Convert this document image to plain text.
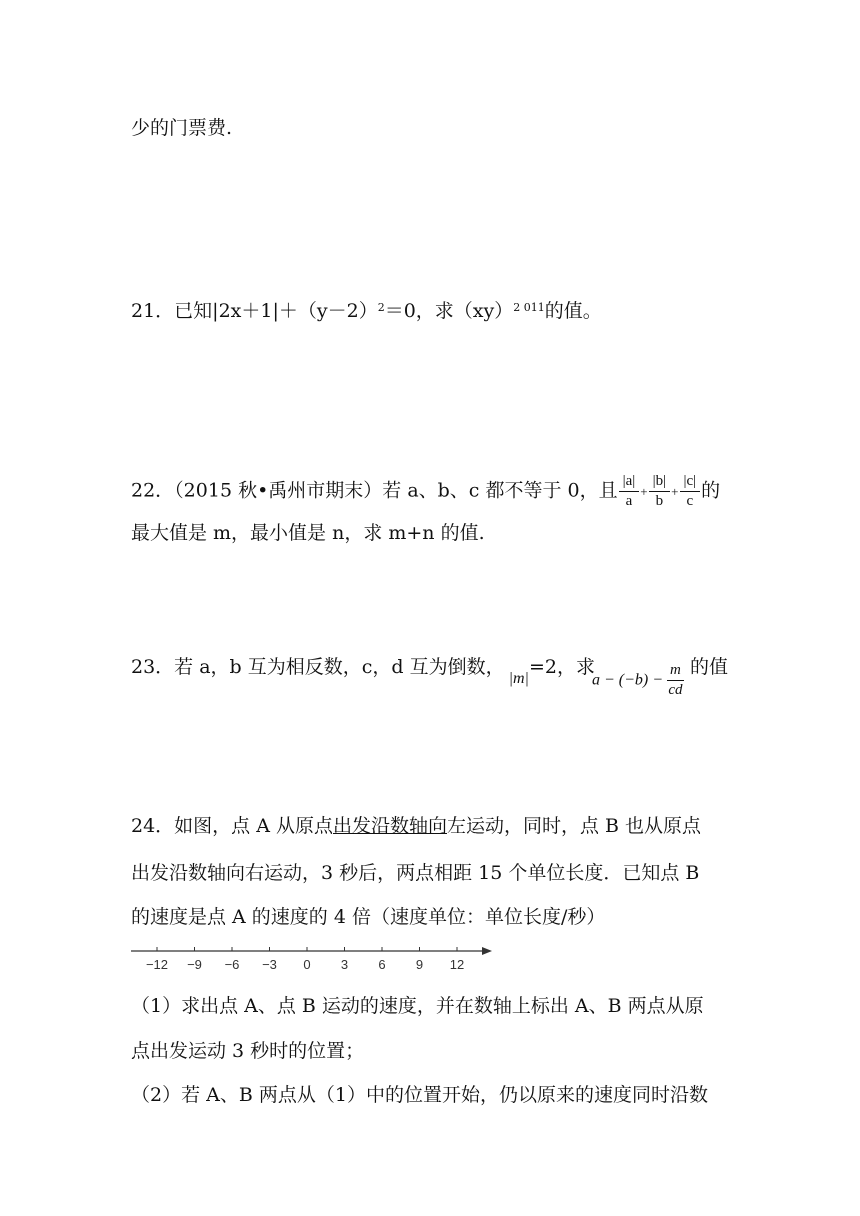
少的门票费.
21．已知$|2x+1|+(y-2)^2=0$，求（xy）$^{2 011}$的值。
22．（2015 秋•禹州市期末）若 a、b、c 都不等于 0，且 $\frac{|a|}{a} + \frac{|b|}{b} + \frac{|c|}{c}$ 的
最大值是 m，最小值是 n，求 m+n 的值.
23．若 a，b 互为相反数，c，d 互为倒数，|m|=2，求
$a - (-b) - \frac{m}{cd}$ 的值
24．如图，点 A 从原点出发沿数轴向左运动，同时，点 B 也从原点
出发沿数轴向右运动，3 秒后，两点相距 15 个单位长度．已知点 B
的速度是点 A 的速度的 4 倍（速度单位：单位长度/秒）
−12 −9 −6 −3 0 3 6 9 12
（1）求出点 A、点 B 运动的速度，并在数轴上标出 A、B 两点从原
点出发运动 3 秒时的位置；
（2）若 A、B 两点从（1）中的位置开始，仍以原来的速度同时沿数
